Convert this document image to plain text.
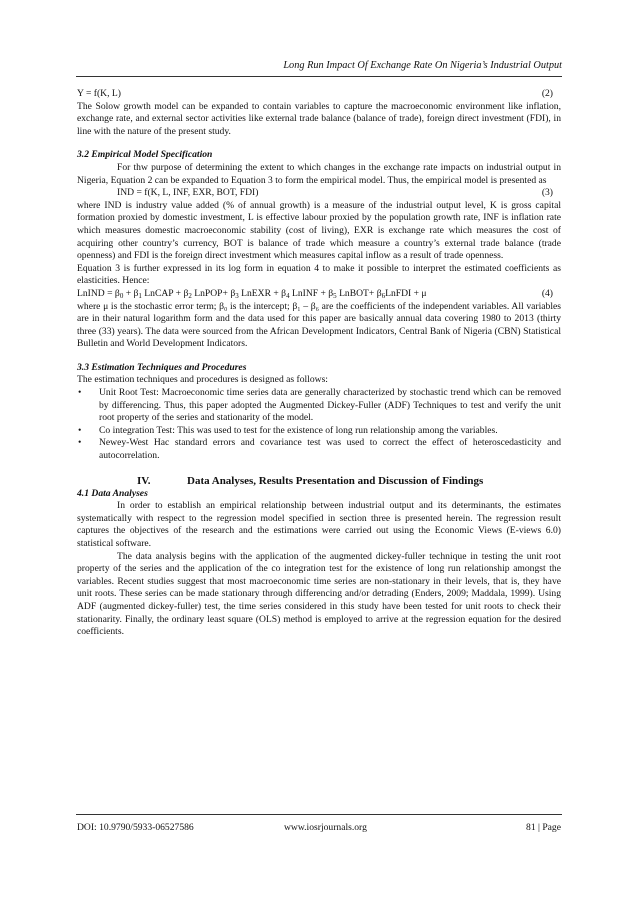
Long Run Impact Of Exchange Rate On Nigeria’s Industrial Output
Y = f(K, L)	(2)

The Solow growth model can be expanded to contain variables to capture the macroeconomic environment like inflation, exchange rate, and external sector activities like external trade balance (balance of trade), foreign direct investment (FDI), in line with the nature of the present study.

3.2 Empirical Model Specification

For thw purpose of determining the extent to which changes in the exchange rate impacts on industrial output in Nigeria, Equation 2 can be expanded to Equation 3 to form the empirical model. Thus, the empirical model is presented as

IND = f(K, L, INF, EXR, BOT, FDI)	(3)

where IND is industry value added (% of annual growth) is a measure of the industrial output level, K is gross capital formation proxied by domestic investment, L is effective labour proxied by the population growth rate, INF is inflation rate which measures domestic macroeconomic stability (cost of living), EXR is exchange rate which measures the cost of acquiring other country’s currency, BOT is balance of trade which measure a country’s external trade balance (trade openness) and FDI is the foreign direct investment which measures capital inflow as a result of trade openness.

Equation 3 is further expressed in its log form in equation 4 to make it possible to interpret the estimated coefficients as elasticities. Hence:

LnIND = $\beta_0 + \beta_1$ LnCAP + $\beta_2$ LnPOP+ $\beta_3$ LnEXR + $\beta_4$ LnINF + $\beta_5$ LnBOT+ $\beta_6LnFDI + \mu$	(4)

where μ is the stochastic error term; β₀ is the intercept; β₁ – β₆ are the coefficients of the independent variables. All variables are in their natural logarithm form and the data used for this paper are basically annual data covering 1980 to 2013 (thirty three (33) years). The data were sourced from the African Development Indicators, Central Bank of Nigeria (CBN) Statistical Bulletin and World Development Indicators.

3.3 Estimation Techniques and Procedures

The estimation techniques and procedures is designed as follows:

• Unit Root Test: Macroeconomic time series data are generally characterized by stochastic trend which can be removed by differencing. Thus, this paper adopted the Augmented Dickey-Fuller (ADF) Techniques to test and verify the unit root property of the series and stationarity of the model.
• Co integration Test: This was used to test for the existence of long run relationship among the variables.
• Newey-West Hac standard errors and covariance test was used to correct the effect of heteroscedasticity and autocorrelation.
IV.	Data Analyses, Results Presentation and Discussion of Findings
4.1 Data Analyses

In order to establish an empirical relationship between industrial output and its determinants, the estimates systematically with respect to the regression model specified in section three is presented herein. The regression result captures the objectives of the research and the estimations were carried out using the Economic Views (E-views 6.0) statistical software.

The data analysis begins with the application of the augmented dickey-fuller technique in testing the unit root property of the series and the application of the co integration test for the existence of long run relationship amongst the variables. Recent studies suggest that most macroeconomic time series are non-stationary in their levels, that is, they have unit roots. These series can be made stationary through differencing and/or detrading (Enders, 2009; Maddala, 1999). Using ADF (augmented dickey-fuller) test, the time series considered in this study have been tested for unit roots to check their stationarity. Finally, the ordinary least square (OLS) method is employed to arrive at the regression equation for the desired coefficients.

DOI: 10.9790/5933-06527586	www.iosrjournals.org	81 | Page
